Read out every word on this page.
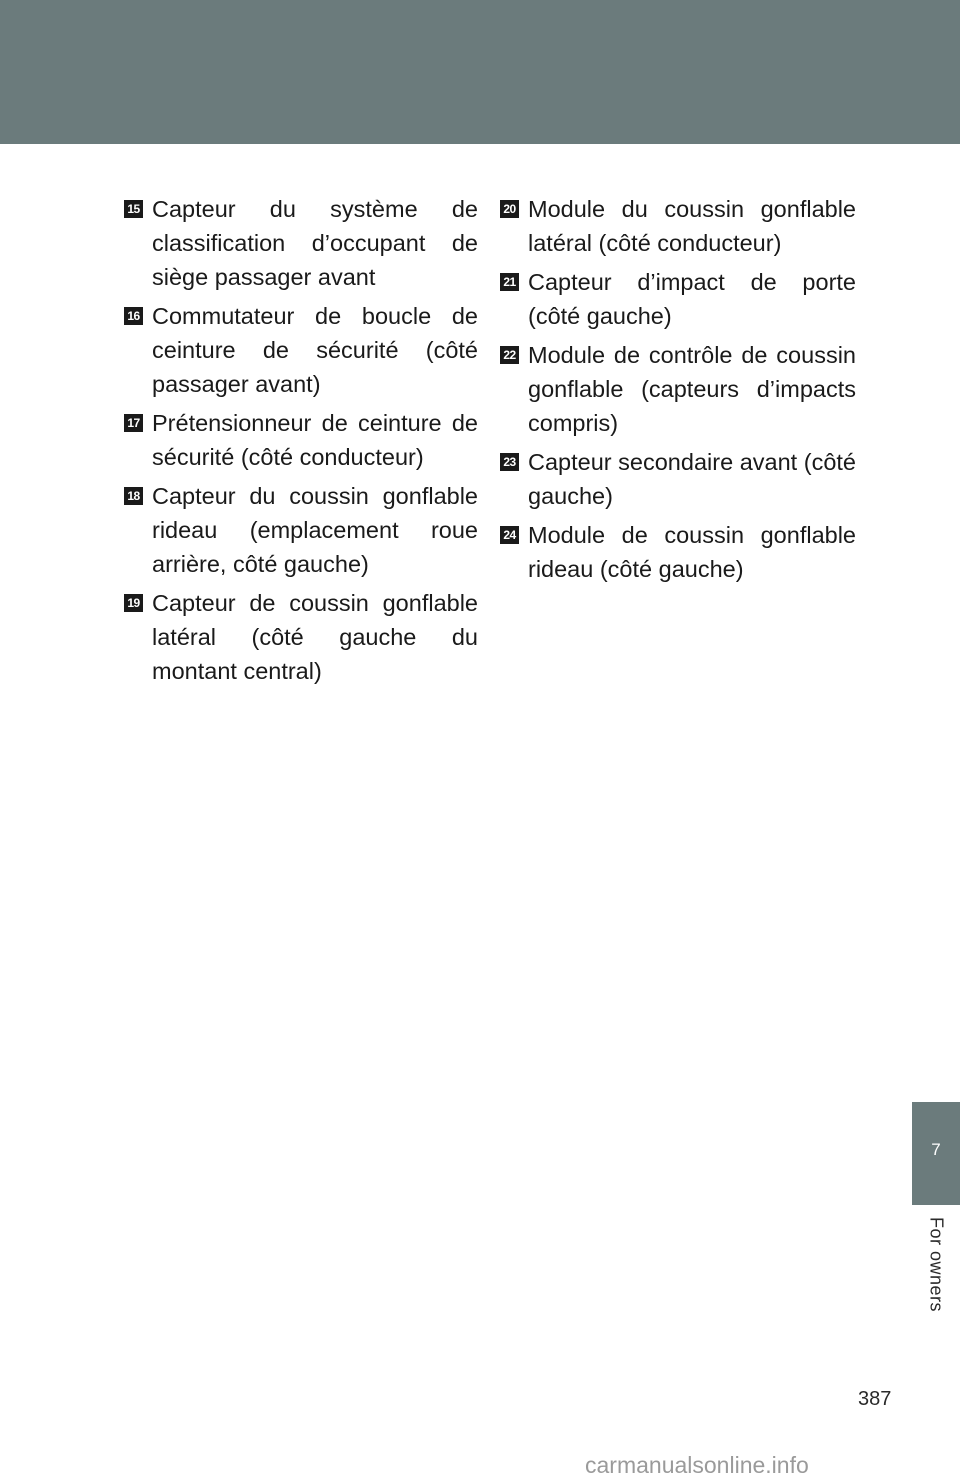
15 Capteur du système de classification d’occupant de siège passager avant
16 Commutateur de boucle de ceinture de sécurité (côté passager avant)
17 Prétensionneur de ceinture de sécurité (côté conducteur)
18 Capteur du coussin gonflable rideau (emplacement roue arrière, côté gauche)
19 Capteur de coussin gonflable latéral (côté gauche du montant central)
20 Module du coussin gonflable latéral (côté conducteur)
21 Capteur d’impact de porte (côté gauche)
22 Module de contrôle de coussin gonflable (capteurs d’impacts compris)
23 Capteur secondaire avant (côté gauche)
24 Module de coussin gonflable rideau (côté gauche)
7
For owners
387
carmanualsonline.info
